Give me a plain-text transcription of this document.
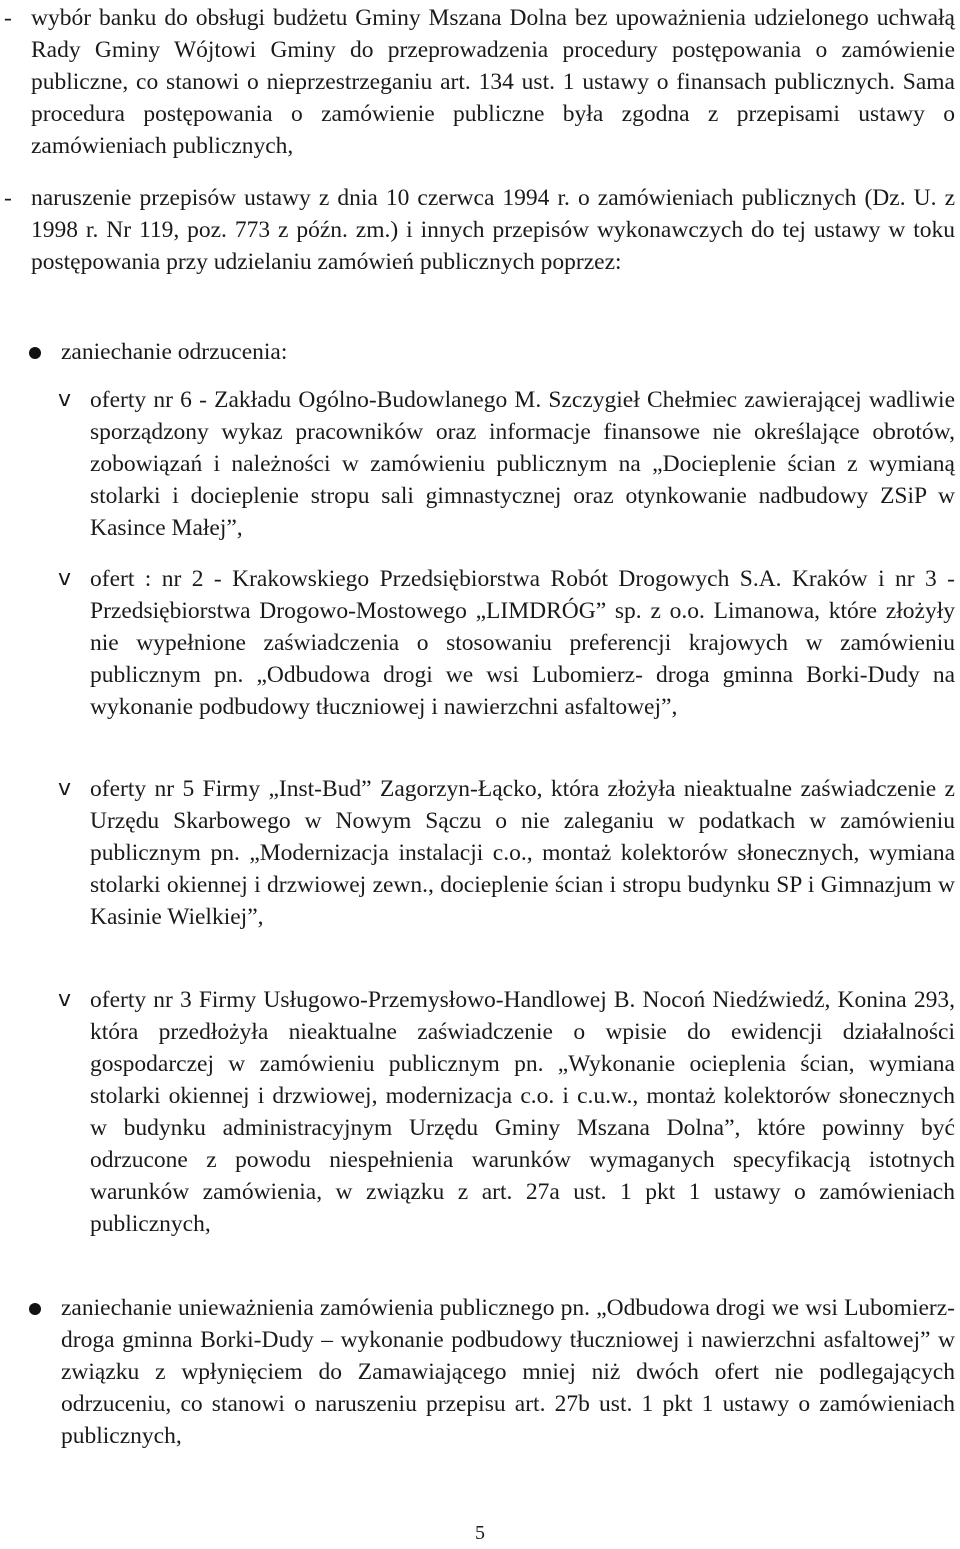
- wybór banku do obsługi budżetu Gminy Mszana Dolna bez upoważnienia udzielonego uchwałą Rady Gminy Wójtowi Gminy do przeprowadzenia procedury postępowania o zamówienie publiczne, co stanowi o nieprzestrzeganiu art. 134 ust. 1 ustawy o finansach publicznych. Sama procedura postępowania o zamówienie publiczne była zgodna z przepisami ustawy o zamówieniach publicznych,

- naruszenie przepisów ustawy z dnia 10 czerwca 1994 r. o zamówieniach publicznych (Dz. U. z 1998 r. Nr 119, poz. 773 z późn. zm.) i innych przepisów wykonawczych do tej ustawy w toku postępowania przy udzielaniu zamówień publicznych poprzez:

zaniechanie odrzucenia:

v oferty nr 6 - Zakładu Ogólno-Budowlanego M. Szczygieł Chełmiec zawierającej wadliwie sporządzony wykaz pracowników oraz informacje finansowe nie określające obrotów, zobowiązań i należności w zamówieniu publicznym na „Docieplenie ścian z wymianą stolarki i docieplenie stropu sali gimnastycznej oraz otynkowanie nadbudowy ZSiP w Kasince Małej”,

v ofert : nr 2 - Krakowskiego Przedsiębiorstwa Robót Drogowych S.A. Kraków i nr 3 - Przedsiębiorstwa Drogowo-Mostowego „LIMDRÓG” sp. z o.o. Limanowa, które złożyły nie wypełnione zaświadczenia o stosowaniu preferencji krajowych w zamówieniu publicznym pn. „Odbudowa drogi we wsi Lubomierz- droga gminna Borki-Dudy na wykonanie podbudowy tłuczniowej i nawierzchni asfaltowej”,

v oferty nr 5 Firmy „Inst-Bud” Zagorzyn-Łącko, która złożyła nieaktualne zaświadczenie z Urzędu Skarbowego w Nowym Sączu o nie zaleganiu w podatkach w zamówieniu publicznym pn. „Modernizacja instalacji c.o., montaż kolektorów słonecznych, wymiana stolarki okiennej i drzwiowej zewn., docieplenie ścian i stropu budynku SP i Gimnazjum w Kasinie Wielkiej”,

v oferty nr 3 Firmy Usługowo-Przemysłowo-Handlowej B. Nocoń Niedźwiedź, Konina 293, która przedłożyła nieaktualne zaświadczenie o wpisie do ewidencji działalności gospodarczej w zamówieniu publicznym pn. „Wykonanie ocieplenia ścian, wymiana stolarki okiennej i drzwiowej, modernizacja c.o. i c.u.w., montaż kolektorów słonecznych w budynku administracyjnym Urzędu Gminy Mszana Dolna”, które powinny być odrzucone z powodu niespełnienia warunków wymaganych specyfikacją istotnych warunków zamówienia, w związku z art. 27a ust. 1 pkt 1 ustawy o zamówieniach publicznych,

zaniechanie unieważnienia zamówienia publicznego pn. „Odbudowa drogi we wsi Lubomierz- droga gminna Borki-Dudy – wykonanie podbudowy tłuczniowej i nawierzchni asfaltowej” w związku z wpłynięciem do Zamawiającego mniej niż dwóch ofert nie podlegających odrzuceniu, co stanowi o naruszeniu przepisu art. 27b ust. 1 pkt 1 ustawy o zamówieniach publicznych,

5
